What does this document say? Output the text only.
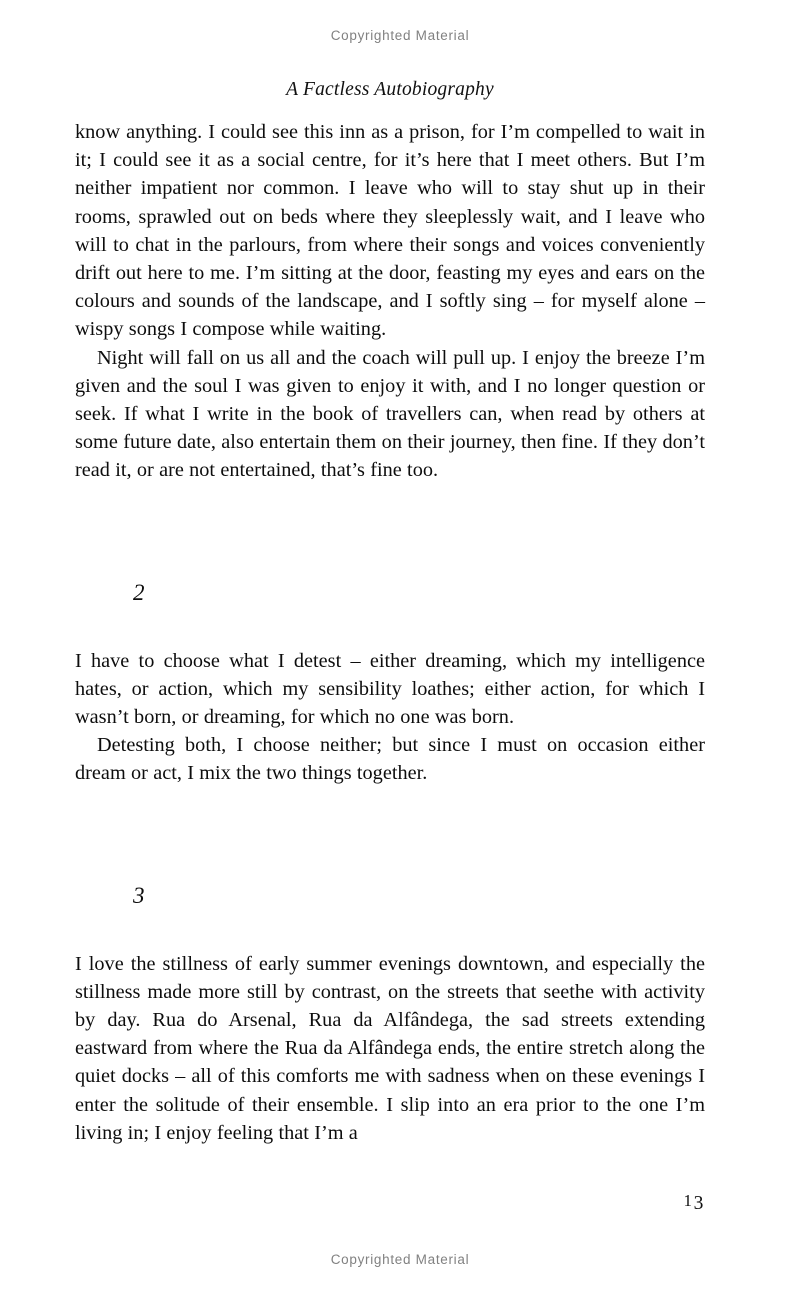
Copyrighted Material
A Factless Autobiography

know anything. I could see this inn as a prison, for I’m compelled to wait in it; I could see it as a social centre, for it’s here that I meet others. But I’m neither impatient nor common. I leave who will to stay shut up in their rooms, sprawled out on beds where they sleeplessly wait, and I leave who will to chat in the parlours, from where their songs and voices conveniently drift out here to me. I’m sitting at the door, feasting my eyes and ears on the colours and sounds of the landscape, and I softly sing – for myself alone – wispy songs I compose while waiting.

Night will fall on us all and the coach will pull up. I enjoy the breeze I’m given and the soul I was given to enjoy it with, and I no longer question or seek. If what I write in the book of travellers can, when read by others at some future date, also entertain them on their journey, then fine. If they don’t read it, or are not entertained, that’s fine too.

2

I have to choose what I detest – either dreaming, which my intelligence hates, or action, which my sensibility loathes; either action, for which I wasn’t born, or dreaming, for which no one was born.

Detesting both, I choose neither; but since I must on occasion either dream or act, I mix the two things together.

3

I love the stillness of early summer evenings downtown, and especially the stillness made more still by contrast, on the streets that seethe with activity by day. Rua do Arsenal, Rua da Alfândega, the sad streets extending eastward from where the Rua da Alfândega ends, the entire stretch along the quiet docks – all of this comforts me with sadness when on these evenings I enter the solitude of their ensemble. I slip into an era prior to the one I’m living in; I enjoy feeling that I’m a

13
Copyrighted Material
